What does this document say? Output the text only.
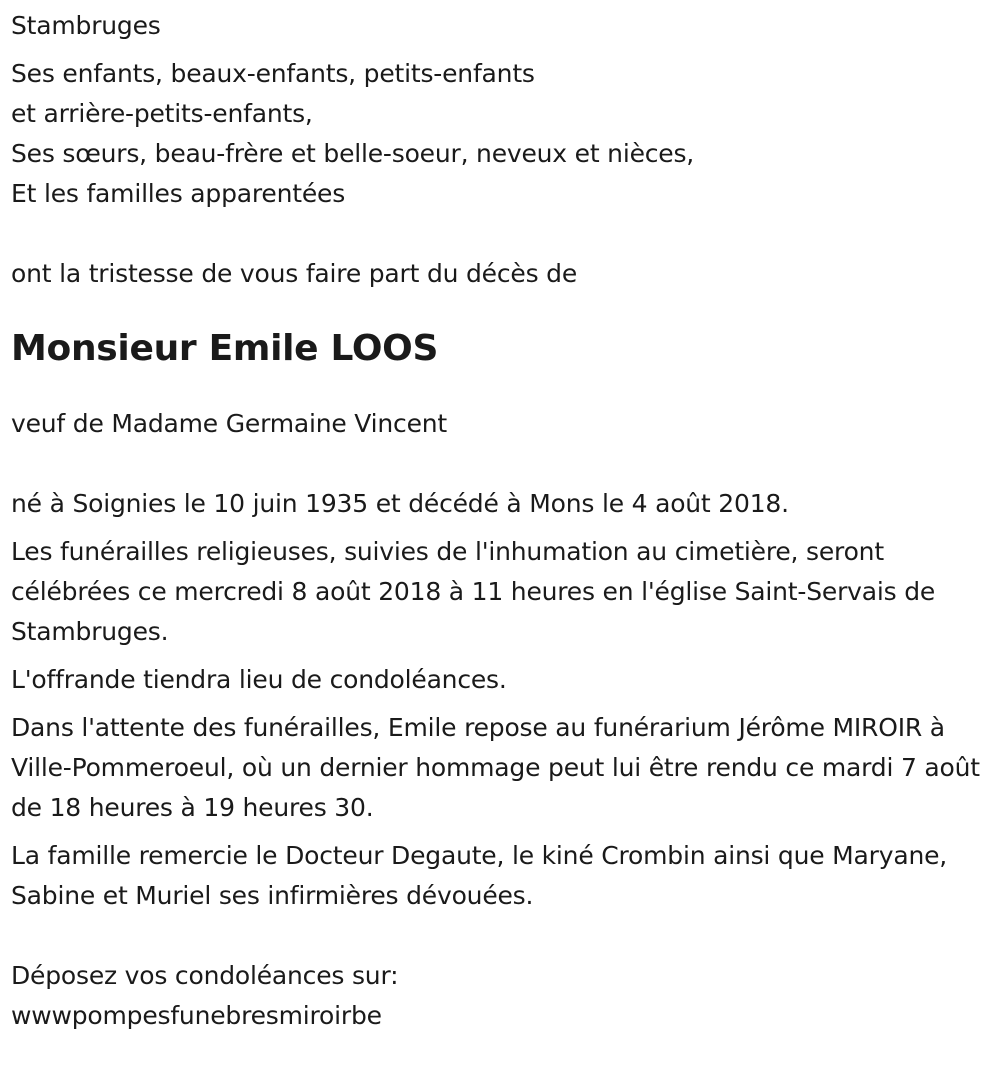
Stambruges
Ses enfants, beaux-enfants, petits-enfants
et arrière-petits-enfants,
Ses sœurs, beau-frère et belle-soeur, neveux et nièces,
Et les familles apparentées
ont la tristesse de vous faire part du décès de

Monsieur Emile LOOS

veuf de Madame Germaine Vincent
né à Soignies le 10 juin 1935 et décédé à Mons le 4 août 2018.

Les funérailles religieuses, suivies de l'inhumation au cimetière, seront célébrées ce mercredi 8 août 2018 à 11 heures en l'église Saint-Servais de Stambruges.

L'offrande tiendra lieu de condoléances.

Dans l'attente des funérailles, Emile repose au funérarium Jérôme MIROIR à Ville-Pommeroeul, où un dernier hommage peut lui être rendu ce mardi 7 août de 18 heures à 19 heures 30.

La famille remercie le Docteur Degaute, le kiné Crombin ainsi que Maryane, Sabine et Muriel ses infirmières dévouées.

Déposez vos condoléances sur:
wwwpompesfunebresmiroirbe
